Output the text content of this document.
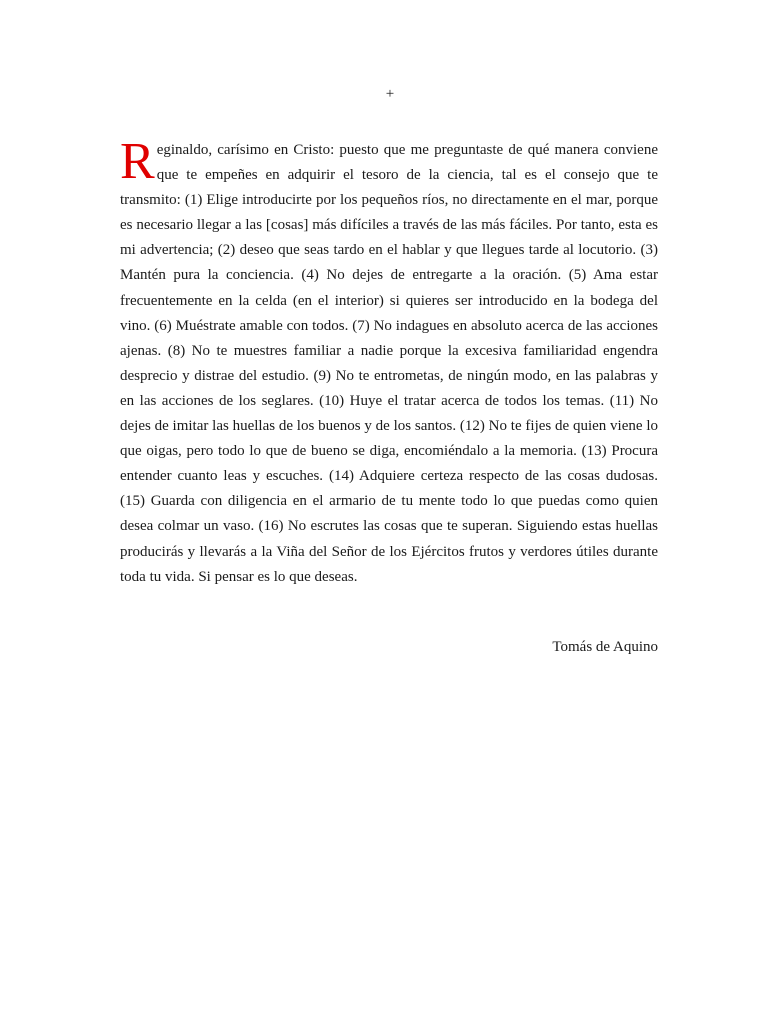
+

Reginaldo, carísimo en Cristo: puesto que me preguntaste de qué manera conviene que te empeñes en adquirir el tesoro de la ciencia, tal es el consejo que te transmito: (1) Elige introducirte por los pequeños ríos, no directamente en el mar, porque es necesario llegar a las [cosas] más difíciles a través de las más fáciles. Por tanto, esta es mi advertencia; (2) deseo que seas tardo en el hablar y que llegues tarde al locutorio. (3) Mantén pura la conciencia. (4) No dejes de entregarte a la oración. (5) Ama estar frecuentemente en la celda (en el interior) si quieres ser introducido en la bodega del vino. (6) Muéstrate amable con todos. (7) No indagues en absoluto acerca de las acciones ajenas. (8) No te muestres familiar a nadie porque la excesiva familiaridad engendra desprecio y distrae del estudio. (9) No te entrometas, de ningún modo, en las palabras y en las acciones de los seglares. (10) Huye el tratar acerca de todos los temas. (11) No dejes de imitar las huellas de los buenos y de los santos. (12) No te fijes de quien viene lo que oigas, pero todo lo que de bueno se diga, encomiéndalo a la memoria. (13) Procura entender cuanto leas y escuches. (14) Adquiere certeza respecto de las cosas dudosas. (15) Guarda con diligencia en el armario de tu mente todo lo que puedas como quien desea colmar un vaso. (16) No escrutes las cosas que te superan. Siguiendo estas huellas producirás y llevarás a la Viña del Señor de los Ejércitos frutos y verdores útiles durante toda tu vida. Si pensar es lo que deseas.

Tomás de Aquino
